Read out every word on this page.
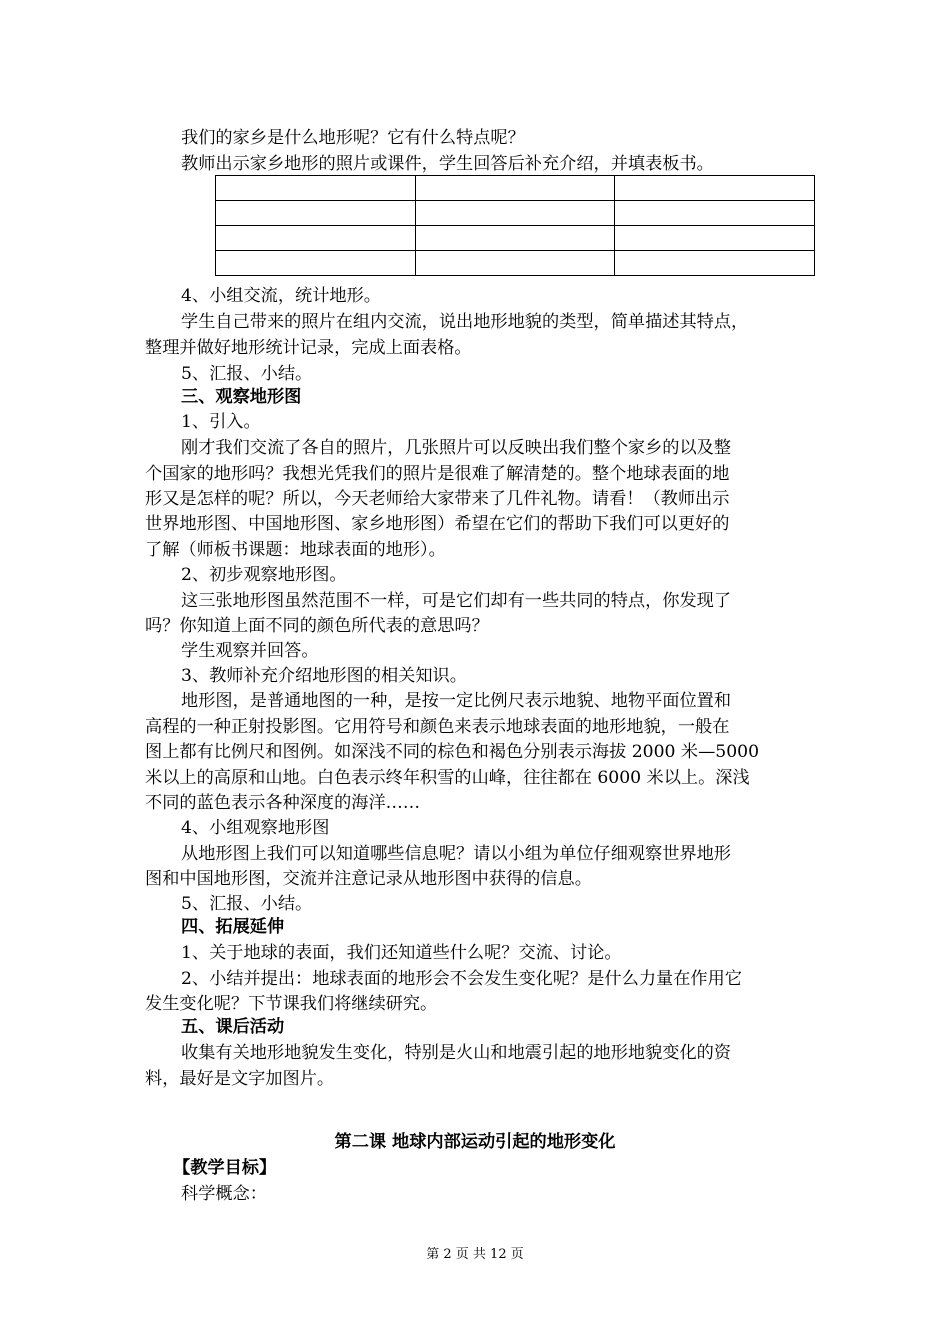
我们的家乡是什么地形呢？它有什么特点呢？
教师出示家乡地形的照片或课件，学生回答后补充介绍，并填表板书。

4、小组交流，统计地形。
学生自己带来的照片在组内交流，说出地形地貌的类型，简单描述其特点，
整理并做好地形统计记录，完成上面表格。
5、汇报、小结。
三、观察地形图
1、引入。
刚才我们交流了各自的照片，几张照片可以反映出我们整个家乡的以及整
个国家的地形吗？我想光凭我们的照片是很难了解清楚的。整个地球表面的地
形又是怎样的呢？所以，今天老师给大家带来了几件礼物。请看！（教师出示
世界地形图、中国地形图、家乡地形图）希望在它们的帮助下我们可以更好的
了解（师板书课题：地球表面的地形）。
2、初步观察地形图。
这三张地形图虽然范围不一样，可是它们却有一些共同的特点，你发现了
吗？你知道上面不同的颜色所代表的意思吗？
学生观察并回答。
3、教师补充介绍地形图的相关知识。
地形图，是普通地图的一种，是按一定比例尺表示地貌、地物平面位置和
高程的一种正射投影图。它用符号和颜色来表示地球表面的地形地貌，一般在
图上都有比例尺和图例。如深浅不同的棕色和褐色分别表示海拔 2000 米—5000
米以上的高原和山地。白色表示终年积雪的山峰，往往都在 6000 米以上。深浅
不同的蓝色表示各种深度的海洋……
4、小组观察地形图
从地形图上我们可以知道哪些信息呢？请以小组为单位仔细观察世界地形
图和中国地形图，交流并注意记录从地形图中获得的信息。
5、汇报、小结。
四、拓展延伸
1、关于地球的表面，我们还知道些什么呢？交流、讨论。
2、小结并提出：地球表面的地形会不会发生变化呢？是什么力量在作用它
发生变化呢？下节课我们将继续研究。
五、课后活动
收集有关地形地貌发生变化，特别是火山和地震引起的地形地貌变化的资
料，最好是文字加图片。
第二课 地球内部运动引起的地形变化
【教学目标】
科学概念：
第 2 页 共 12 页
